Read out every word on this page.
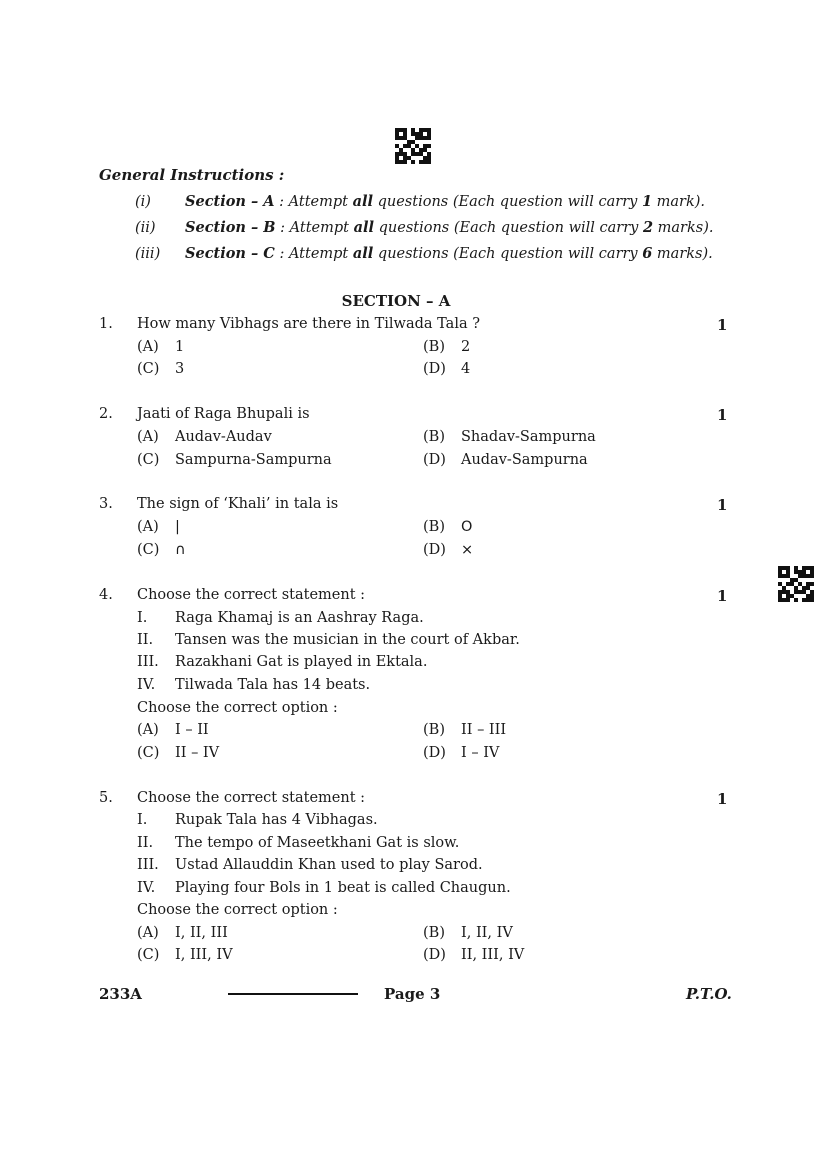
General Instructions :
(i) Section – A : Attempt all questions (Each question will carry 1 mark).
(ii) Section – B : Attempt all questions (Each question will carry 2 marks).
(iii) Section – C : Attempt all questions (Each question will carry 6 marks).
SECTION – A
1. How many Vibhags are there in Tilwada Tala ?	1
(A) 1	(B) 2
(C) 3	(D) 4
2. Jaati of Raga Bhupali is	1
(A) Audav-Audav	(B) Shadav-Sampurna
(C) Sampurna-Sampurna	(D) Audav-Sampurna
3. The sign of ‘Khali’ in tala is	1
(A) |	(B) O
(C) ∩	(D) ×
4. Choose the correct statement :	1
I. Raga Khamaj is an Aashray Raga.
II. Tansen was the musician in the court of Akbar.
III. Razakhani Gat is played in Ektala.
IV. Tilwada Tala has 14 beats.
Choose the correct option :
(A) I – II	(B) II – III
(C) II – IV	(D) I – IV
5. Choose the correct statement :	1
I. Rupak Tala has 4 Vibhagas.
II. The tempo of Maseetkhani Gat is slow.
III. Ustad Allauddin Khan used to play Sarod.
IV. Playing four Bols in 1 beat is called Chaugun.
Choose the correct option :
(A) I, II, III	(B) I, II, IV
(C) I, III, IV	(D) II, III, IV
233A	Page 3	P.T.O.
